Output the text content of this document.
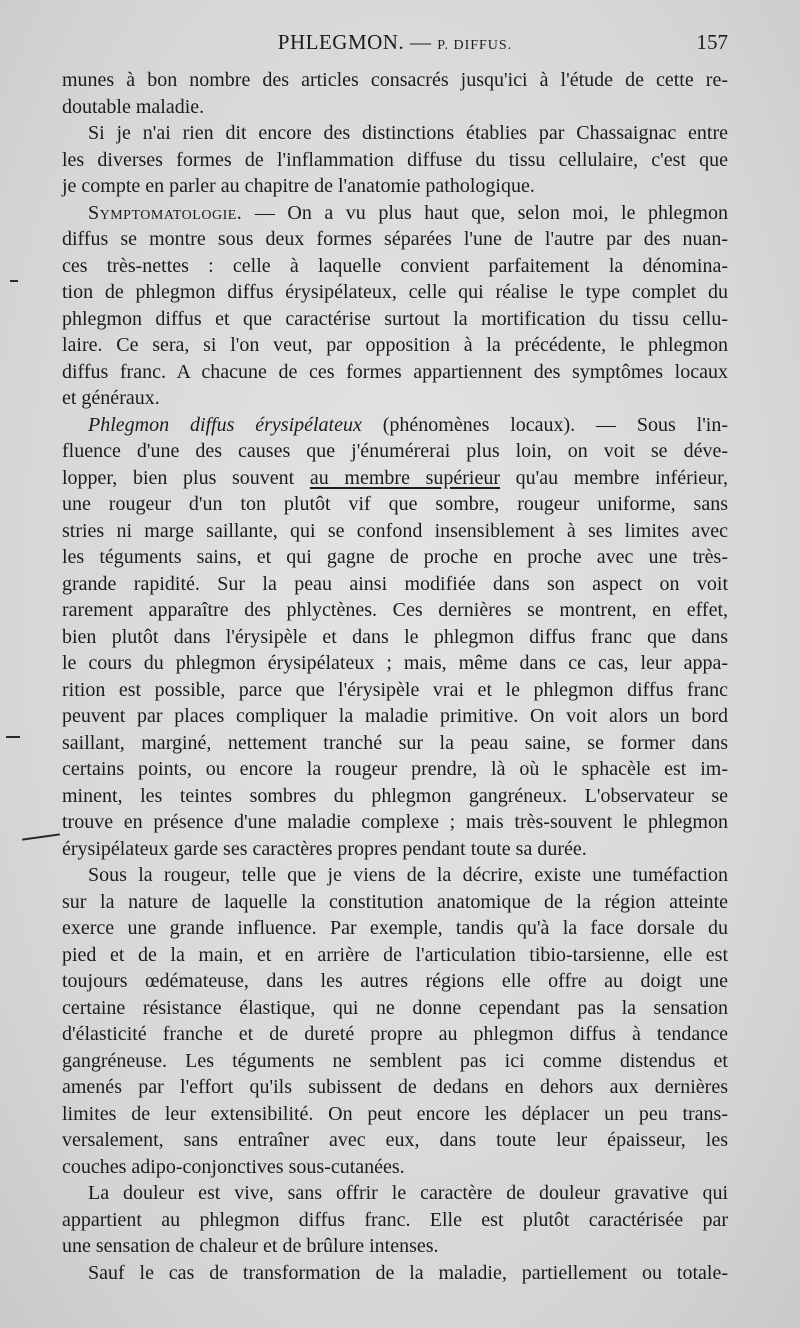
PHLEGMON. — P. DIFFUS.	157
munes à bon nombre des articles consacrés jusqu'ici à l'étude de cette re-
doutable maladie.
Si je n'ai rien dit encore des distinctions établies par Chassaignac entre
les diverses formes de l'inflammation diffuse du tissu cellulaire, c'est que
je compte en parler au chapitre de l'anatomie pathologique.
Symptomatologie. — On a vu plus haut que, selon moi, le phlegmon
diffus se montre sous deux formes séparées l'une de l'autre par des nuan-
ces très-nettes : celle à laquelle convient parfaitement la dénomina-
tion de phlegmon diffus érysipélateux, celle qui réalise le type complet du
phlegmon diffus et que caractérise surtout la mortification du tissu cellu-
laire. Ce sera, si l'on veut, par opposition à la précédente, le phlegmon
diffus franc. A chacune de ces formes appartiennent des symptômes locaux
et généraux.
Phlegmon diffus érysipélateux (phénomènes locaux). — Sous l'in-
fluence d'une des causes que j'énumérerai plus loin, on voit se déve-
lopper, bien plus souvent au membre supérieur qu'au membre inférieur,
une rougeur d'un ton plutôt vif que sombre, rougeur uniforme, sans
stries ni marge saillante, qui se confond insensiblement à ses limites avec
les téguments sains, et qui gagne de proche en proche avec une très-
grande rapidité. Sur la peau ainsi modifiée dans son aspect on voit
rarement apparaître des phlyctènes. Ces dernières se montrent, en effet,
bien plutôt dans l'érysipèle et dans le phlegmon diffus franc que dans
le cours du phlegmon érysipélateux ; mais, même dans ce cas, leur appa-
rition est possible, parce que l'érysipèle vrai et le phlegmon diffus franc
peuvent par places compliquer la maladie primitive. On voit alors un bord
saillant, marginé, nettement tranché sur la peau saine, se former dans
certains points, ou encore la rougeur prendre, là où le sphacèle est im-
minent, les teintes sombres du phlegmon gangréneux. L'observateur se
trouve en présence d'une maladie complexe ; mais très-souvent le phlegmon
érysipélateux garde ses caractères propres pendant toute sa durée.
Sous la rougeur, telle que je viens de la décrire, existe une tuméfaction
sur la nature de laquelle la constitution anatomique de la région atteinte
exerce une grande influence. Par exemple, tandis qu'à la face dorsale du
pied et de la main, et en arrière de l'articulation tibio-tarsienne, elle est
toujours œdémateuse, dans les autres régions elle offre au doigt une
certaine résistance élastique, qui ne donne cependant pas la sensation
d'élasticité franche et de dureté propre au phlegmon diffus à tendance
gangréneuse. Les téguments ne semblent pas ici comme distendus et
amenés par l'effort qu'ils subissent de dedans en dehors aux dernières
limites de leur extensibilité. On peut encore les déplacer un peu trans-
versalement, sans entraîner avec eux, dans toute leur épaisseur, les
couches adipo-conjonctives sous-cutanées.
La douleur est vive, sans offrir le caractère de douleur gravative qui
appartient au phlegmon diffus franc. Elle est plutôt caractérisée par
une sensation de chaleur et de brûlure intenses.
Sauf le cas de transformation de la maladie, partiellement ou totale-
